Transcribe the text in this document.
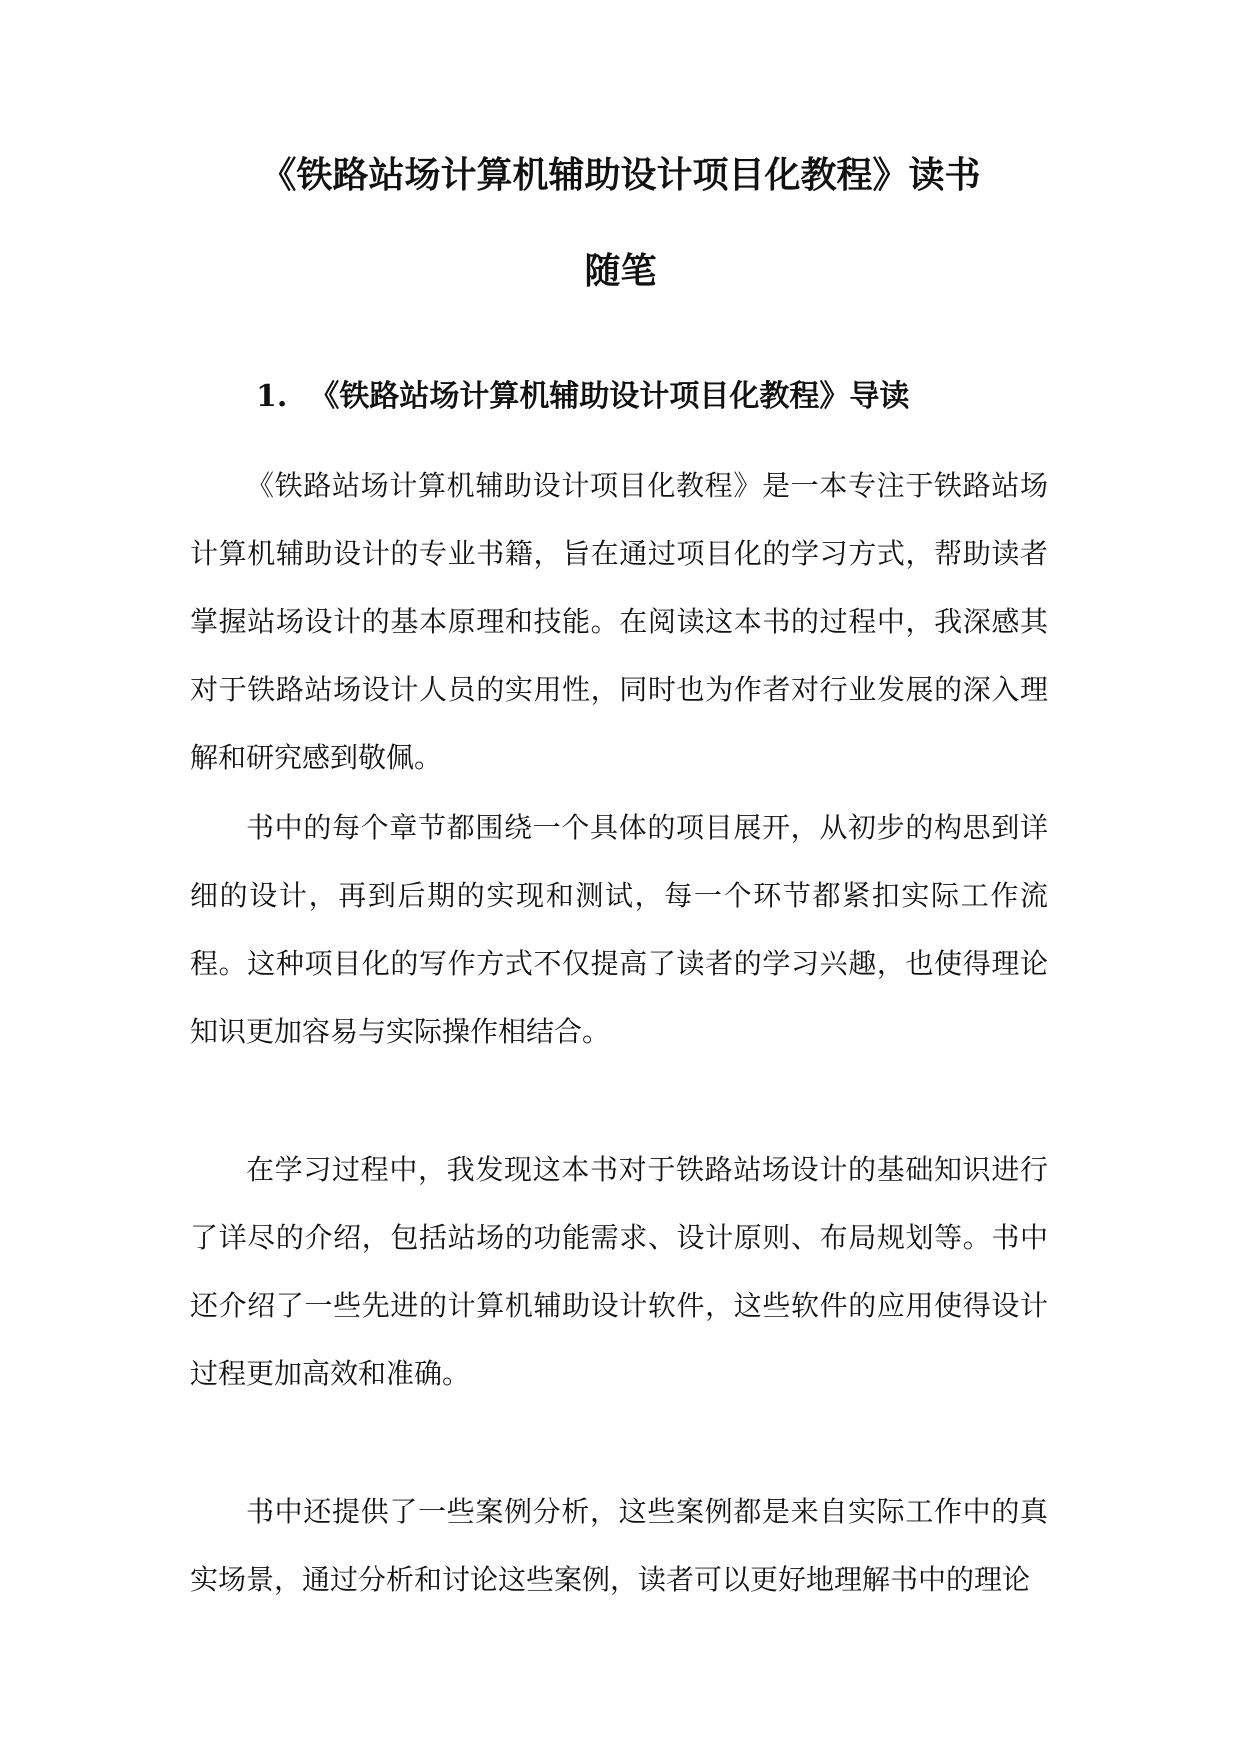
《铁路站场计算机辅助设计项目化教程》读书
随笔
1. 《铁路站场计算机辅助设计项目化教程》导读

《铁路站场计算机辅助设计项目化教程》是一本专注于铁路站场计算机辅助设计的专业书籍，旨在通过项目化的学习方式，帮助读者掌握站场设计的基本原理和技能。在阅读这本书的过程中，我深感其对于铁路站场设计人员的实用性，同时也为作者对行业发展的深入理解和研究感到敬佩。

书中的每个章节都围绕一个具体的项目展开，从初步的构思到详细的设计，再到后期的实现和测试，每一个环节都紧扣实际工作流程。这种项目化的写作方式不仅提高了读者的学习兴趣，也使得理论知识更加容易与实际操作相结合。

在学习过程中，我发现这本书对于铁路站场设计的基础知识进行了详尽的介绍，包括站场的功能需求、设计原则、布局规划等。书中还介绍了一些先进的计算机辅助设计软件，这些软件的应用使得设计过程更加高效和准确。

书中还提供了一些案例分析，这些案例都是来自实际工作中的真实场景，通过分析和讨论这些案例，读者可以更好地理解书中的理论
